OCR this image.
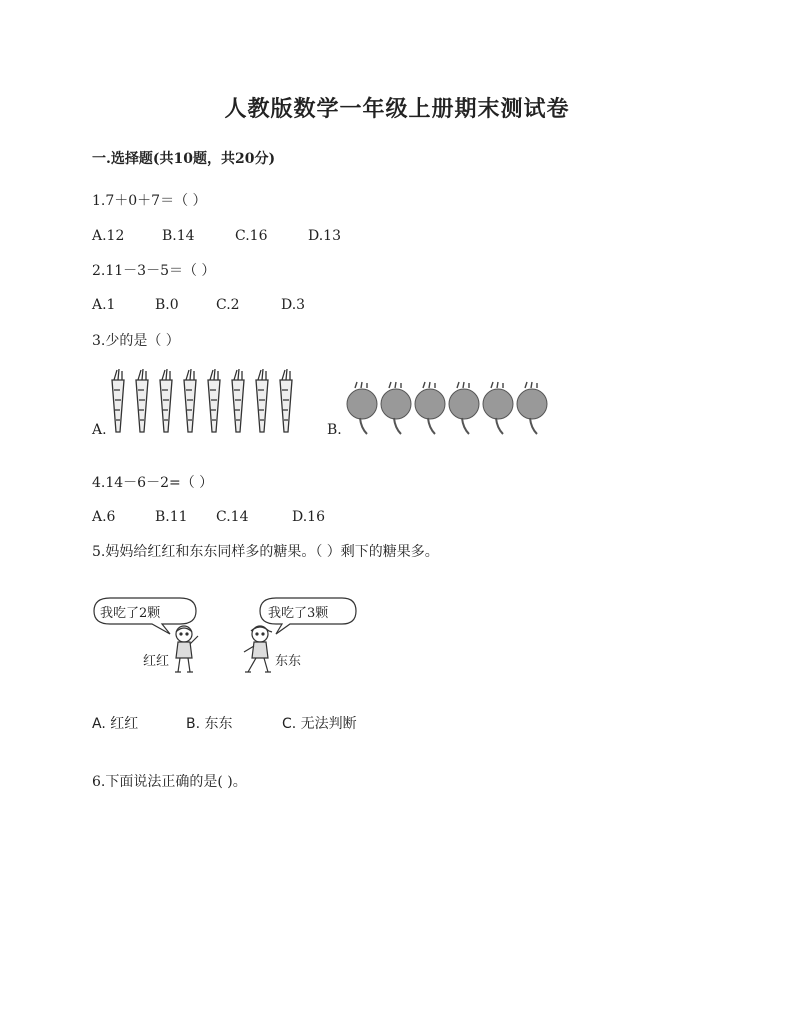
人教版数学一年级上册期末测试卷
一.选择题(共10题，共20分)
1.7＋0＋7＝（ ）
A.12	B.14	C.16	D.13
2.11－3－5＝（ ）
A.1	B.0	C.2	D.3
3.少的是（ ）
A.	B.
4.14－6－2=（ ）
A.6	B.11 C.14	D.16
5.妈妈给红红和东东同样多的糖果。（ ）剩下的糖果多。
我吃了2颗	我吃了3颗
红红	东东
A. 红红	B. 东东	C. 无法判断
6.下面说法正确的是( )。
